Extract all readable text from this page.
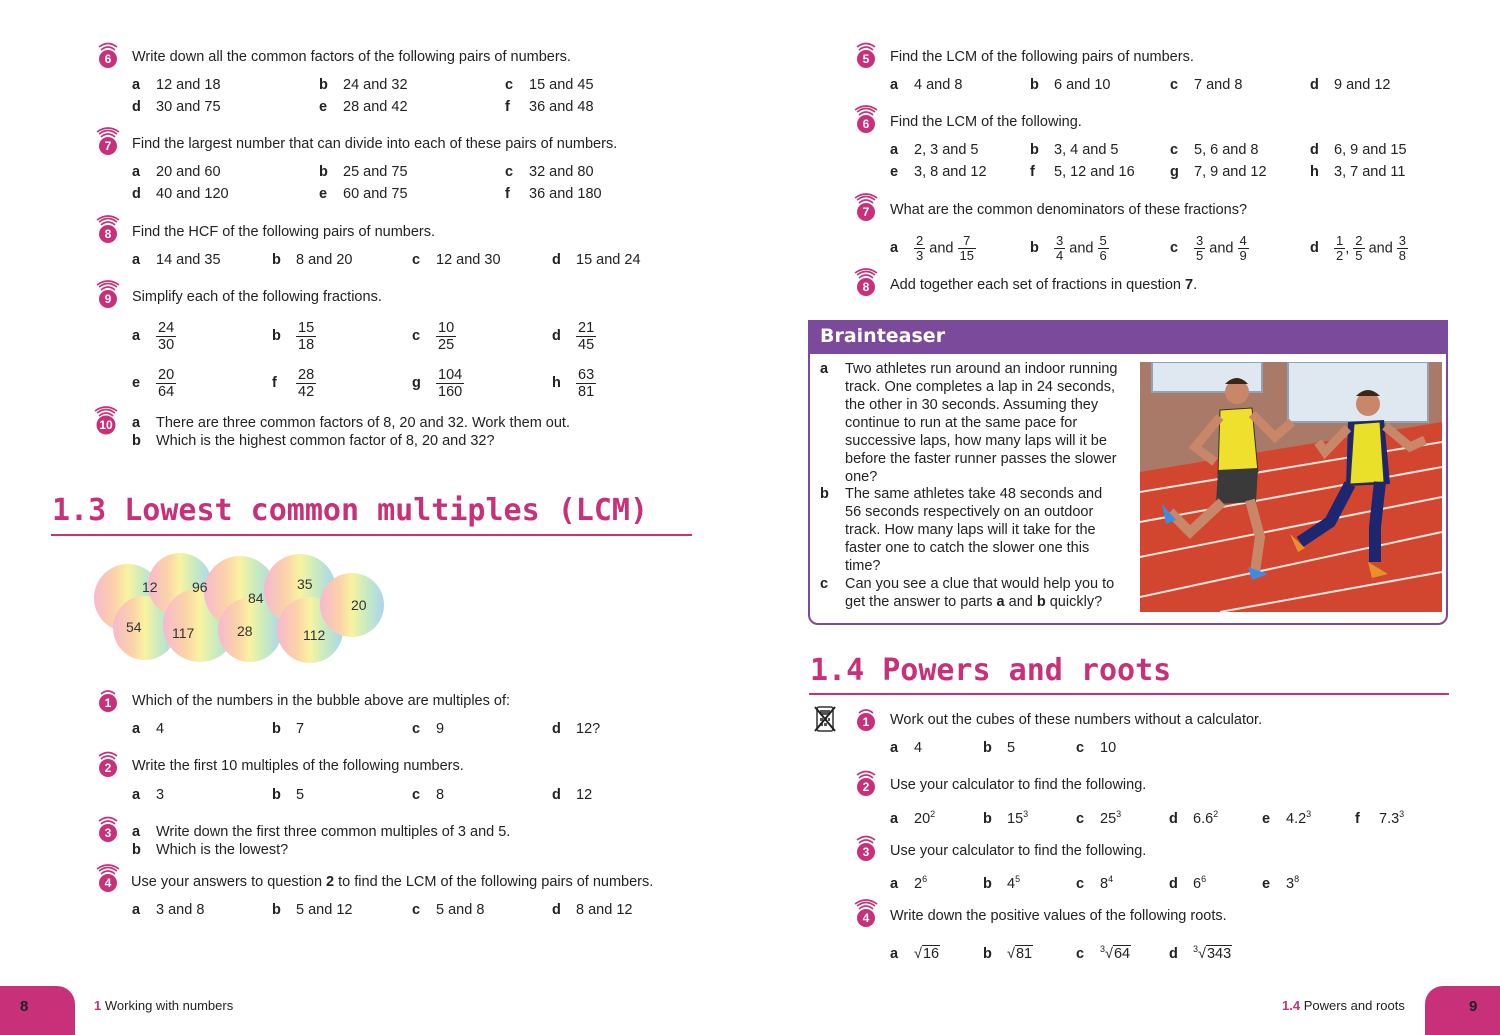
6	Write down all the common factors of the following pairs of numbers.
a 12 and 18	b 24 and 32	c 15 and 45
d 30 and 75	e 28 and 42	f 36 and 48
7	Find the largest number that can divide into each of these pairs of numbers.
a 20 and 60	b 25 and 75	c 32 and 80
d 40 and 120	e 60 and 75	f 36 and 180
8	Find the HCF of the following pairs of numbers.
a 14 and 35	b 8 and 20	c 12 and 30	d 15 and 24
9	Simplify each of the following fractions.
a $\frac{24}{30}$	b $\frac{15}{18}$	c $\frac{10}{25}$	d $\frac{21}{45}$
e $\frac{20}{64}$	f $\frac{28}{42}$	g $\frac{104}{160}$	h $\frac{63}{81}$
10	a There are three common factors of 8, 20 and 32. Work them out.
b Which is the highest common factor of 8, 20 and 32?
1.3 Lowest common multiples (LCM)
12 96
84
35
20
54 117	28	112
1	Which of the numbers in the bubble above are multiples of:
a 4	b 7	c 9	d 12?
2	Write the first 10 multiples of the following numbers.
a 3	b 5	c 8	d 12
3	a Write down the first three common multiples of 3 and 5.
b Which is the lowest?
4	Use your answers to question 2 to find the LCM of the following pairs of numbers.
a 3 and 8	b 5 and 12	c 5 and 8	d 8 and 12
5	Find the LCM of the following pairs of numbers.
a 4 and 8	b 6 and 10	c 7 and 8	d 9 and 12
6	Find the LCM of the following.
a 2, 3 and 5	b 3, 4 and 5	c 5, 6 and 8	d 6, 9 and 15
e 3, 8 and 12	f 5, 12 and 16 g 7, 9 and 12	h 3, 7 and 11
7	What are the common denominators of these fractions?
a $\frac{2}{3}$ and $\frac{7}{15}$	b $\frac{3}{4}$ and $\frac{5}{6}$	c $\frac{3}{5}$ and $\frac{4}{9}$	d $\frac{1}{2}$ , $\frac{2}{5}$ and $\frac{3}{8}$
8	Add together each set of fractions in question 7.
Brainteaser
a Two athletes run around an indoor running track. One completes a lap in 24 seconds, the other in 30 seconds. Assuming they continue to run at the same pace for successive laps, how many laps will it be before the faster runner passes the slower one?
b The same athletes take 48 seconds and 56 seconds respectively on an outdoor track. How many laps will it take for the faster one to catch the slower one this time?
c Can you see a clue that would help you to get the answer to parts a and b quickly?
1.4 Powers and roots
1	Work out the cubes of these numbers without a calculator.
a 4	b 5	c 10
2	Use your calculator to find the following.
a $20^2$	b $15^3$	c $25^3$	d $6.6^2$	e $4.2^3$	f $7.3^3$
3	Use your calculator to find the following.
a $2^6$	b $4^5$	c $8^4$	d $6^6$	e $3^8$
4	Write down the positive values of the following roots.
a √16	b √81	c $^3$√64	d $^3$√343
8	1 Working with numbers	1.4 Powers and roots	9
